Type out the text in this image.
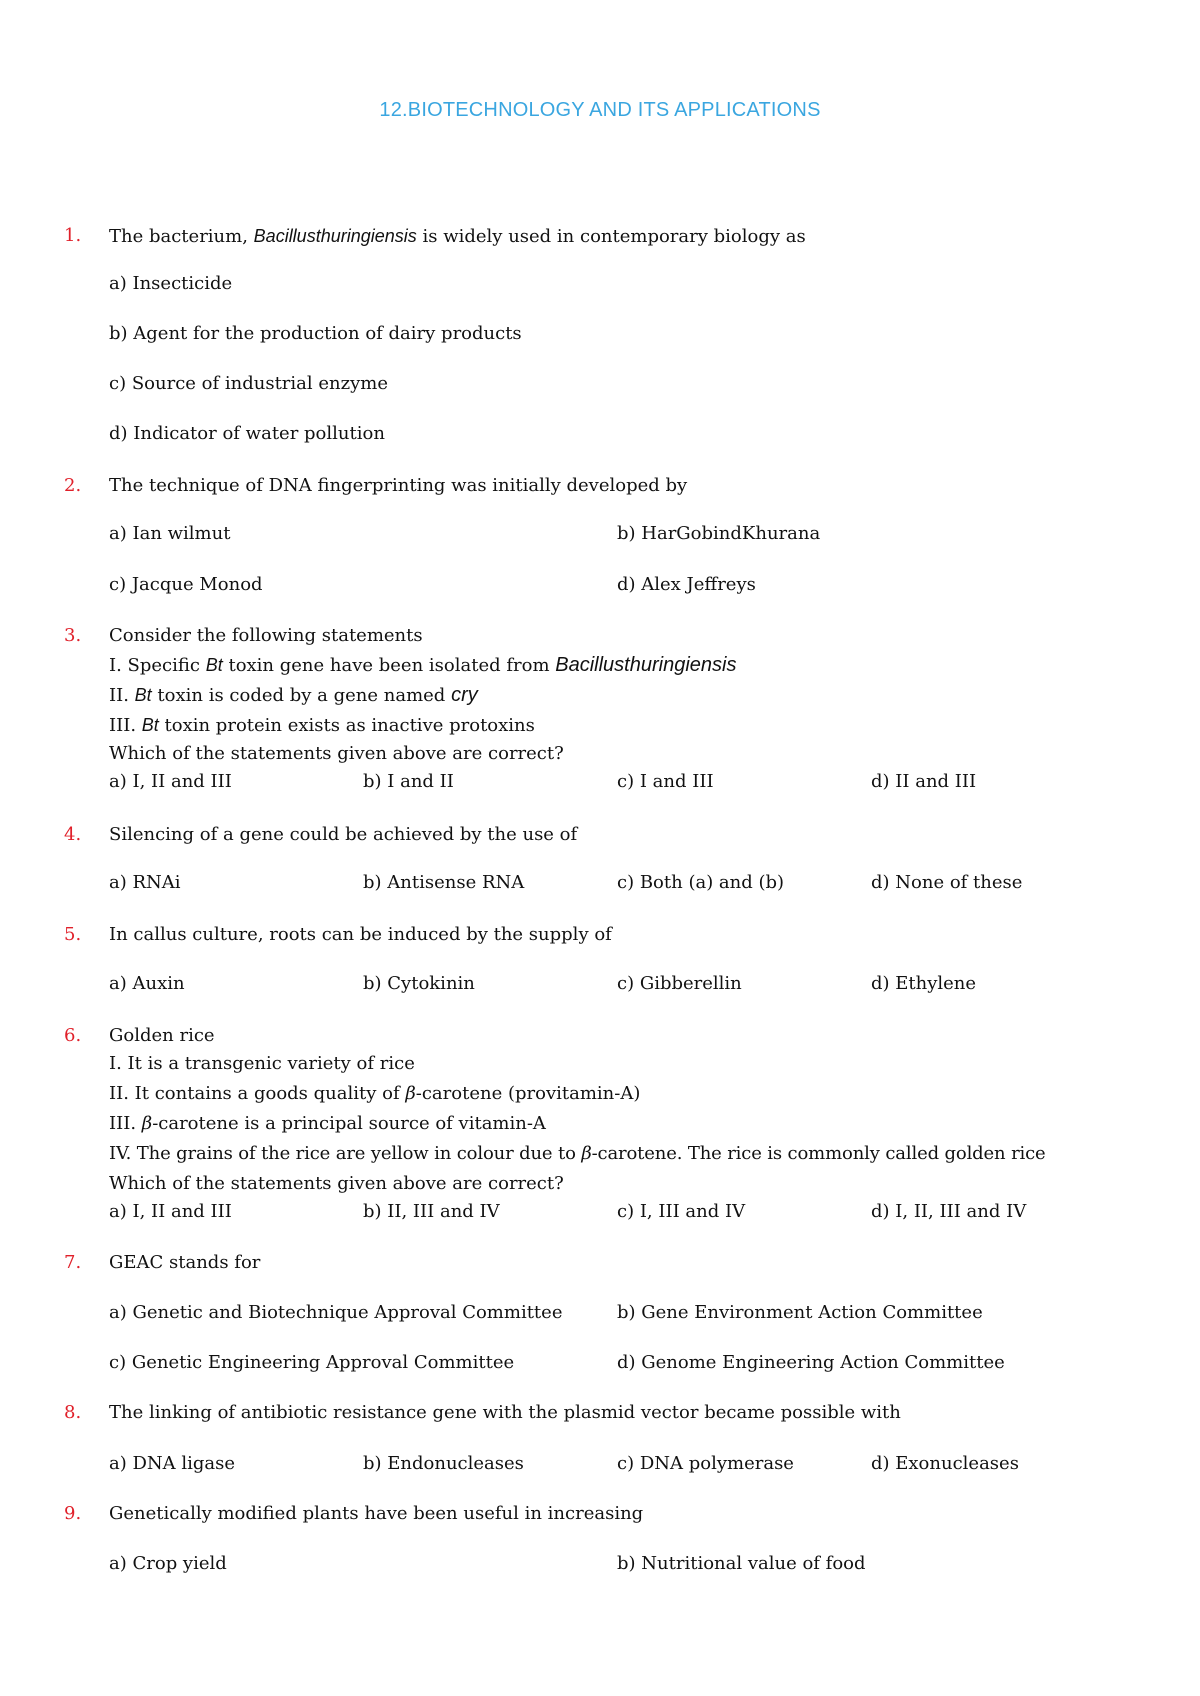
12.BIOTECHNOLOGY AND ITS APPLICATIONS
1.	The bacterium, Bacillusthuringiensis is widely used in contemporary biology as
a) Insecticide
b) Agent for the production of dairy products
c) Source of industrial enzyme
d) Indicator of water pollution
2.	The technique of DNA fingerprinting was initially developed by
a) Ian wilmut	b) HarGobindKhurana
c) Jacque Monod	d) Alex Jeffreys
3.	Consider the following statements
I. Specific Bt toxin gene have been isolated from Bacillusthuringiensis
II. Bt toxin is coded by a gene named cry
III. Bt toxin protein exists as inactive protoxins
Which of the statements given above are correct?
a) I, II and III	b) I and II	c) I and III	d) II and III
4.	Silencing of a gene could be achieved by the use of
a) RNAi	b) Antisense RNA	c) Both (a) and (b)	d) None of these
5.	In callus culture, roots can be induced by the supply of
a) Auxin	b) Cytokinin	c) Gibberellin	d) Ethylene
6.	Golden rice
I. It is a transgenic variety of rice
II. It contains a goods quality of β-carotene (provitamin-A)
III. β-carotene is a principal source of vitamin-A
IV. The grains of the rice are yellow in colour due to β-carotene. The rice is commonly called golden rice
Which of the statements given above are correct?
a) I, II and III	b) II, III and IV	c) I, III and IV	d) I, II, III and IV
7.	GEAC stands for
a) Genetic and Biotechnique Approval Committee	b) Gene Environment Action Committee
c) Genetic Engineering Approval Committee	d) Genome Engineering Action Committee
8.	The linking of antibiotic resistance gene with the plasmid vector became possible with
a) DNA ligase	b) Endonucleases	c) DNA polymerase	d) Exonucleases
9.	Genetically modified plants have been useful in increasing
a) Crop yield	b) Nutritional value of food
